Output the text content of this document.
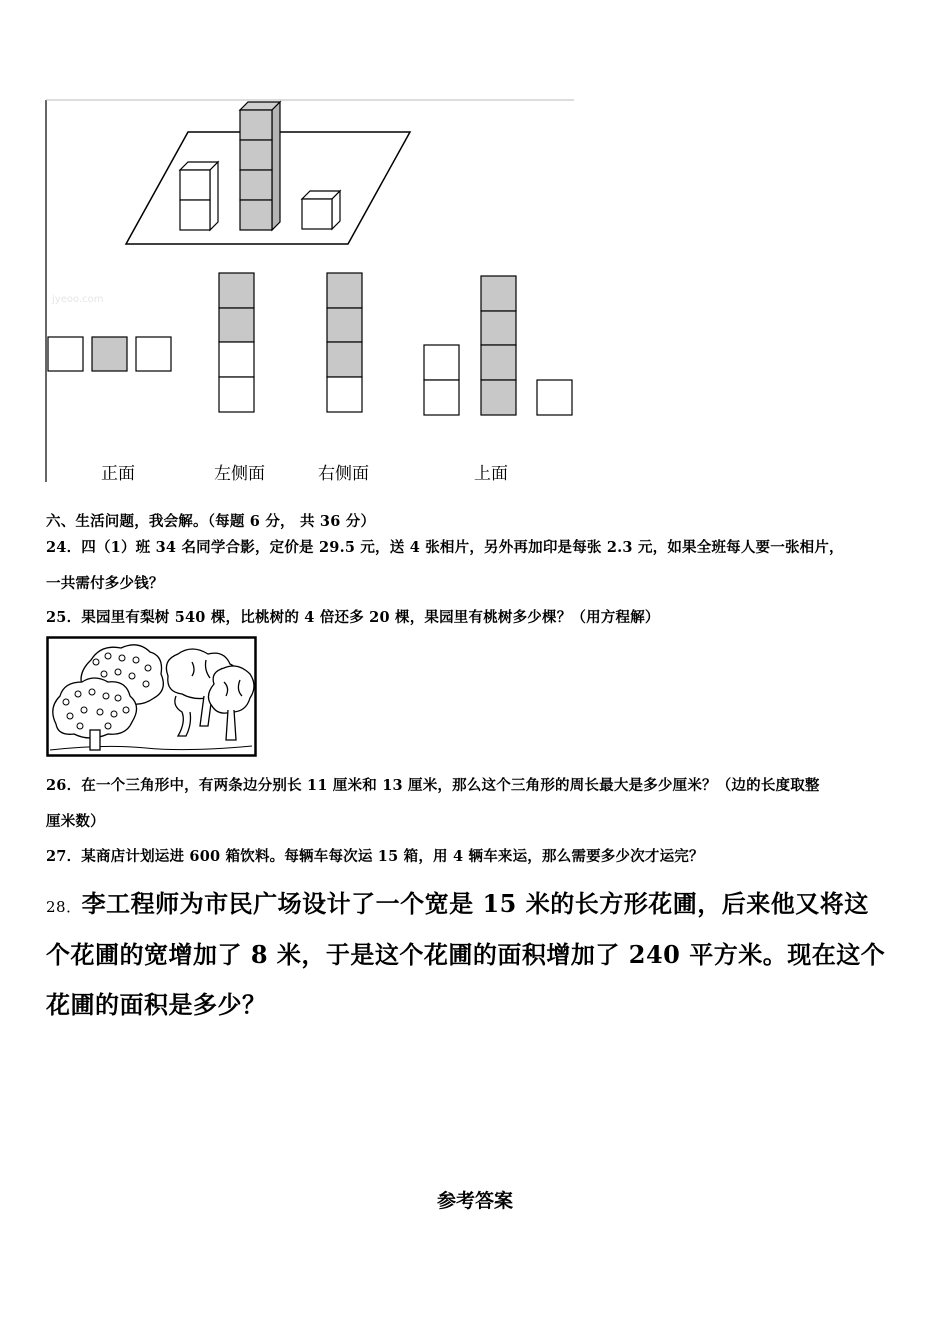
jyeoo.com
正面	左侧面	右侧面	上面
六、生活问题，我会解。（每题 6 分， 共 36 分）
24．四（1）班 34 名同学合影，定价是 29.5 元，送 4 张相片，另外再加印是每张 2.3 元，如果全班每人要一张相片，
一共需付多少钱？
25．果园里有梨树 540 棵，比桃树的 4 倍还多 20 棵，果园里有桃树多少棵？（用方程解）
26．在一个三角形中，有两条边分别长 11 厘米和 13 厘米，那么这个三角形的周长最大是多少厘米？（边的长度取整
厘米数）
27．某商店计划运进 600 箱饮料。每辆车每次运 15 箱，用 4 辆车来运，那么需要多少次才运完？
28．李工程师为市民广场设计了一个宽是 15 米的长方形花圃，后来他又将这
个花圃的宽增加了 8 米，于是这个花圃的面积增加了 240 平方米。现在这个
花圃的面积是多少？
参考答案
